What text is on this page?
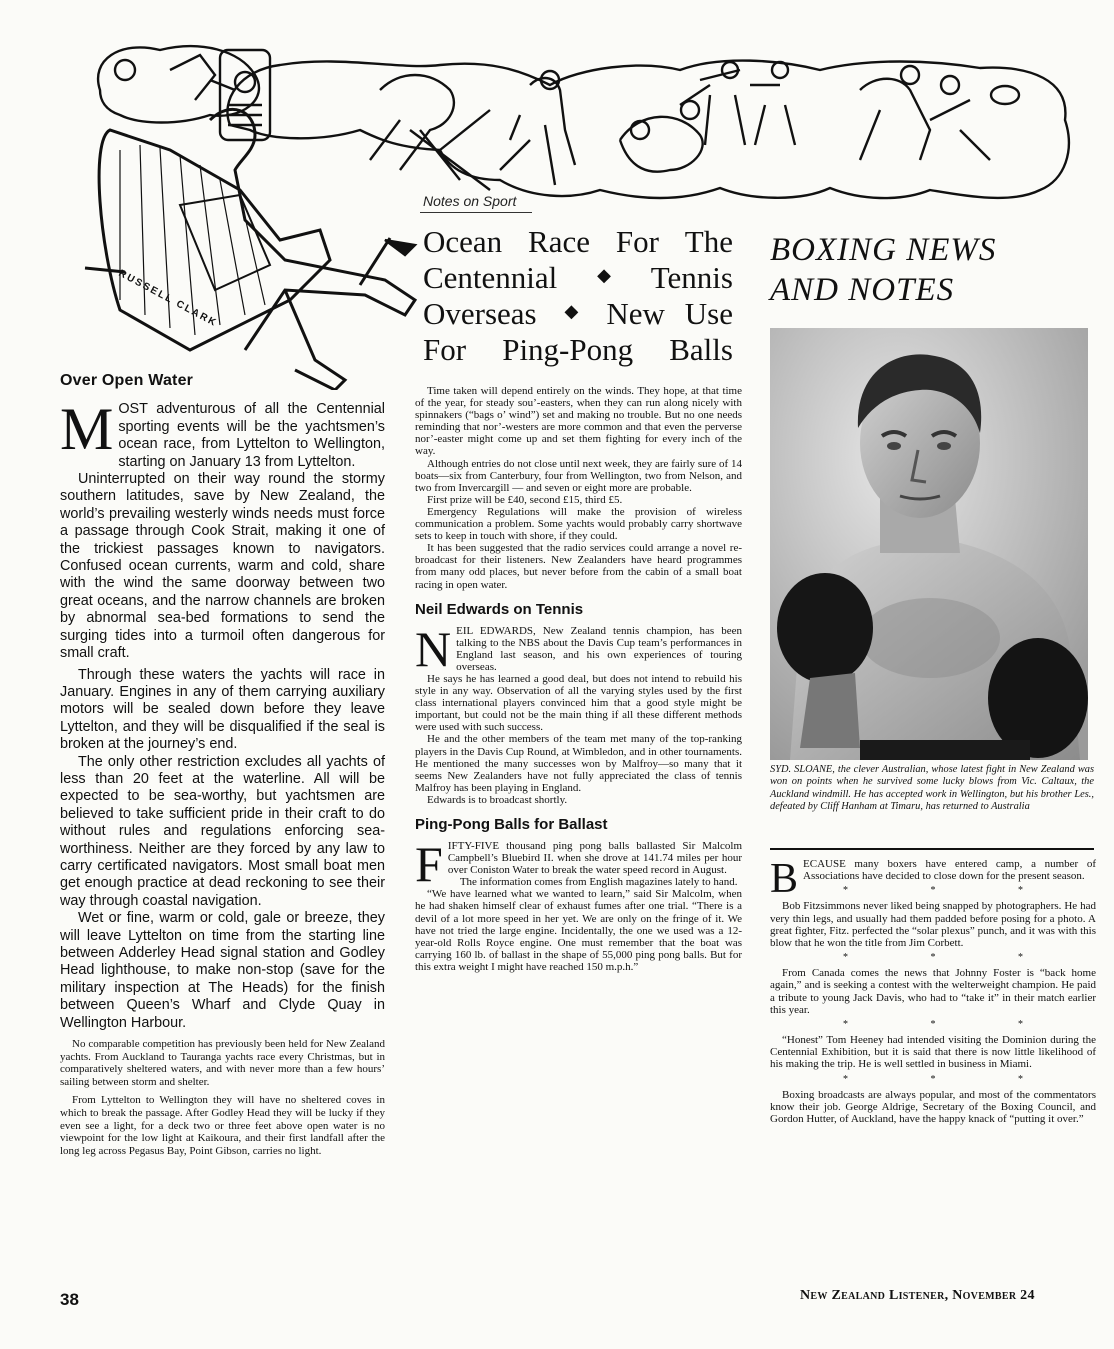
RUSSELL CLARK
Notes on Sport
Ocean Race For The
Centennial ◆ Tennis
Overseas ◆ New Use
For Ping-Pong Balls
BOXING NEWS
AND NOTES
Over Open Water

MOST adventurous of all the Centennial sporting events will be the yachtsmen’s ocean race, from Lyttelton to Wellington, starting on January 13 from Lyttelton.

Uninterrupted on their way round the stormy southern latitudes, save by New Zealand, the world’s prevailing westerly winds needs must force a passage through Cook Strait, making it one of the trickiest passages known to navigators. Confused ocean currents, warm and cold, share with the wind the same doorway between two great oceans, and the narrow channels are broken by abnormal sea-bed formations to send the surging tides into a turmoil often dangerous for small craft.

Through these waters the yachts will race in January. Engines in any of them carrying auxiliary motors will be sealed down before they leave Lyttelton, and they will be disqualified if the seal is broken at the journey’s end.

The only other restriction excludes all yachts of less than 20 feet at the waterline. All will be expected to be sea-worthy, but yachtsmen are believed to take sufficient pride in their craft to do without rules and regulations enforcing sea-worthiness. Neither are they forced by any law to carry certificated navigators. Most small boat men get enough practice at dead reckoning to see their way through coastal navigation.

Wet or fine, warm or cold, gale or breeze, they will leave Lyttelton on time from the starting line between Adderley Head signal station and Godley Head lighthouse, to make non-stop (save for the military inspection at The Heads) for the finish between Queen’s Wharf and Clyde Quay in Wellington Harbour.

No comparable competition has previously been held for New Zealand yachts. From Auckland to Tauranga yachts race every Christmas, but in comparatively sheltered waters, and with never more than a few hours’ sailing between storm and shelter.

From Lyttelton to Wellington they will have no sheltered coves in which to break the passage. After Godley Head they will be lucky if they even see a light, for a deck two or three feet above open water is no viewpoint for the low light at Kaikoura, and their first landfall after the long leg across Pegasus Bay, Point Gibson, carries no light.

Time taken will depend entirely on the winds. They hope, at that time of the year, for steady sou’-easters, when they can run along nicely with spinnakers (“bags o’ wind”) set and making no trouble. But no one needs reminding that nor’-westers are more common and that even the perverse nor’-easter might come up and set them fighting for every inch of the way.

Although entries do not close until next week, they are fairly sure of 14 boats—six from Canterbury, four from Wellington, two from Nelson, and two from Invercargill — and seven or eight more are probable.

First prize will be £40, second £15, third £5.

Emergency Regulations will make the provision of wireless communication a problem. Some yachts would probably carry shortwave sets to keep in touch with shore, if they could.

It has been suggested that the radio services could arrange a novel re-broadcast for their listeners. New Zealanders have heard programmes from many odd places, but never before from the cabin of a small boat racing in open water.

Neil Edwards on Tennis

NEIL EDWARDS, New Zealand tennis champion, has been talking to the NBS about the Davis Cup team’s performances in England last season, and his own experiences of touring overseas.

He says he has learned a good deal, but does not intend to rebuild his style in any way. Observation of all the varying styles used by the first class international players convinced him that a good style might be important, but could not be the main thing if all these different methods were used with such success.

He and the other members of the team met many of the top-ranking players in the Davis Cup Round, at Wimbledon, and in other tournaments. He mentioned the many successes won by Malfroy—so many that it seems New Zealanders have not fully appreciated the class of tennis Malfroy has been playing in England.

Edwards is to broadcast shortly.

Ping-Pong Balls for Ballast

FIFTY-FIVE thousand ping pong balls ballasted Sir Malcolm Campbell’s Bluebird II. when she drove at 141.74 miles per hour over Coniston Water to break the water speed record in August.

The information comes from English magazines lately to hand.

“We have learned what we wanted to learn,” said Sir Malcolm, when he had shaken himself clear of exhaust fumes after one trial. “There is a devil of a lot more speed in her yet. We are only on the fringe of it. We have not tried the large engine. Incidentally, the one we used was a 12-year-old Rolls Royce engine. One must remember that the boat was carrying 160 lb. of ballast in the shape of 55,000 ping pong balls. But for this extra weight I might have reached 150 m.p.h.”

SYD. SLOANE, the clever Australian, whose latest fight in New Zealand was won on points when he survived some lucky blows from Vic. Caltaux, the Auckland windmill. He has accepted work in Wellington, but his brother Les., defeated by Cliff Hanham at Timaru, has returned to Australia

BECAUSE many boxers have entered camp, a number of Associations have decided to close down for the present season.

* * *

Bob Fitzsimmons never liked being snapped by photographers. He had very thin legs, and usually had them padded before posing for a photo. A great fighter, Fitz. perfected the “solar plexus” punch, and it was with this blow that he won the title from Jim Corbett.

* * *

From Canada comes the news that Johnny Foster is “back home again,” and is seeking a contest with the welterweight champion. He paid a tribute to young Jack Davis, who had to “take it” in their match earlier this year.

* * *

“Honest” Tom Heeney had intended visiting the Dominion during the Centennial Exhibition, but it is said that there is now little likelihood of his making the trip. He is well settled in business in Miami.

* * *

Boxing broadcasts are always popular, and most of the commentators know their job. George Aldrige, Secretary of the Boxing Council, and Gordon Hutter, of Auckland, have the happy knack of “putting it over.”

38	New Zealand Listener, November 24
